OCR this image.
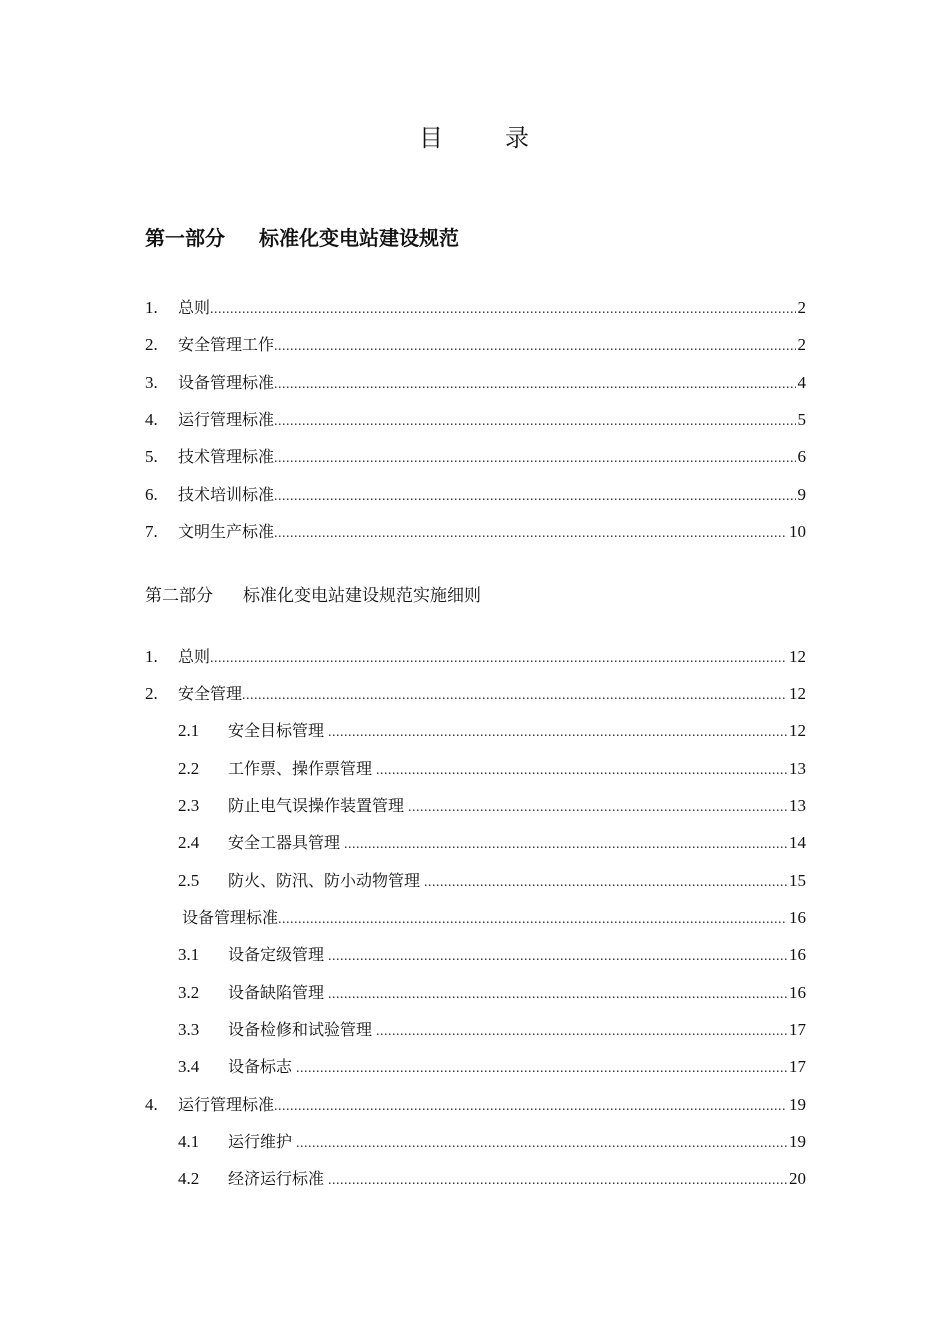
目	录
第一部分 标准化变电站建设规范
1.	总则 .....	2
2.	安全管理工作 .....	2
3.	设备管理标准 .....	4
4.	运行管理标准 .....	5
5.	技术管理标准 .....	6
6.	技术培训标准 .....	9
7.	文明生产标准 .....	10
第二部分 标准化变电站建设规范实施细则
1.	总则 .....	12
2.	安全管理 .....	12
2.1	安全目标管理 .....	12
2.2	工作票、操作票管理 .....	13
2.3	防止电气误操作装置管理 .....	13
2.4	安全工器具管理 .....	14
2.5	防火、防汛、防小动物管理 .....	15
设备管理标准 .....	16
3.1	设备定级管理 .....	16
3.2	设备缺陷管理 .....	16
3.3	设备检修和试验管理 .....	17
3.4	设备标志 .....	17
4.	运行管理标准 .....	19
4.1	运行维护 .....	19
4.2	经济运行标准 .....	20
